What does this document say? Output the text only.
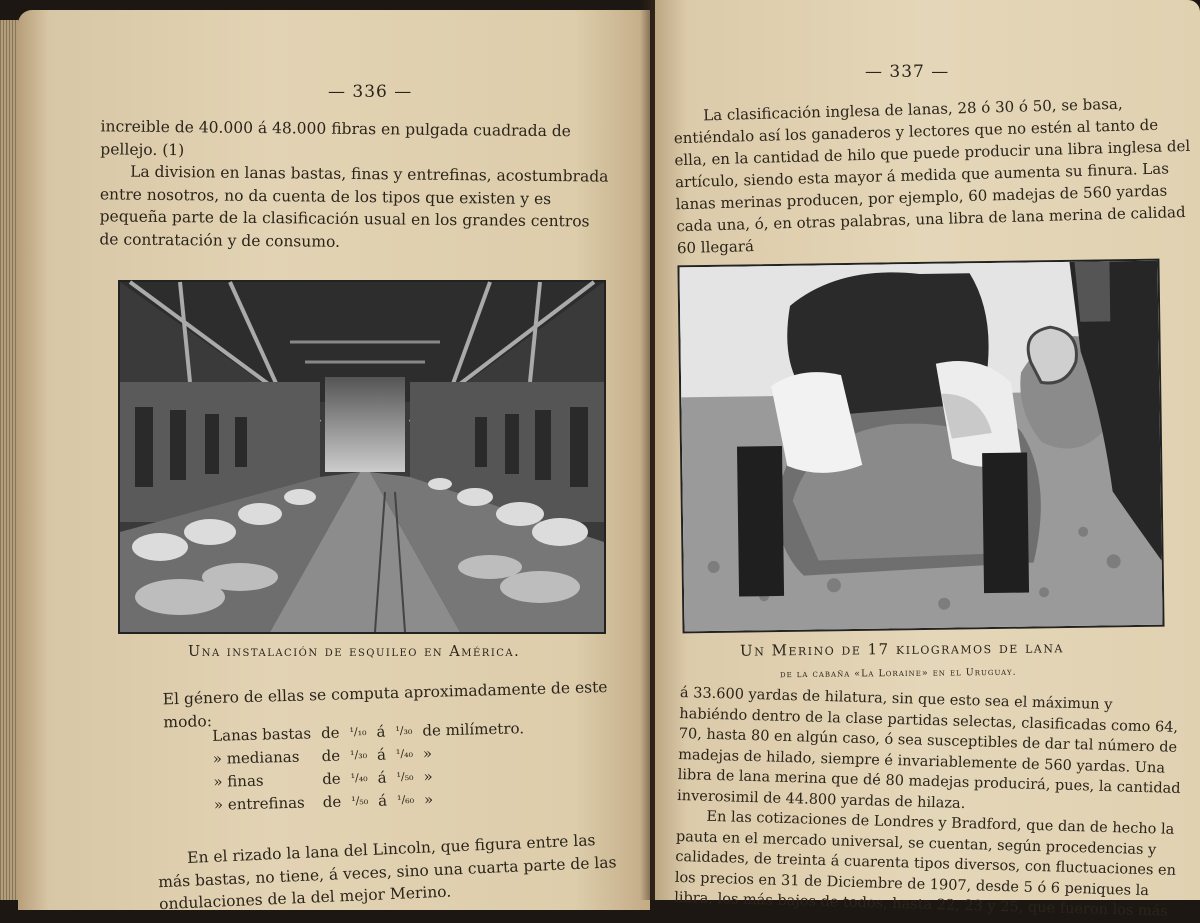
— 336 —

increible de 40.000 á 48.000 fibras en pulgada cuadrada de pellejo. (1)

La division en lanas bastas, finas y entrefinas, acostumbrada entre nosotros, no da cuenta de los tipos que existen y es pequeña parte de la clasificación usual en los grandes centros de contratación y de consumo.

Una instalación de esquileo en América.

El género de ellas se computa aproximadamente de este modo:

Lanas bastas	de	¹/₁₀	á	¹/₃₀	de milímetro.
» medianas	de	¹/₃₀	á	¹/₄₀	»
» finas	de	¹/₄₀	á	¹/₅₀	»
» entrefinas	de	¹/₅₀	á	¹/₆₀	»

En el rizado la lana del Lincoln, que figura entre las más bastas, no tiene, á veces, sino una cuarta parte de las ondulaciones de la del mejor Merino.

— 337 —

La clasificación inglesa de lanas, 28 ó 30 ó 50, se basa, entiéndalo así los ganaderos y lectores que no estén al tanto de ella, en la cantidad de hilo que puede producir una libra inglesa del artículo, siendo esta mayor á medida que aumenta su finura. Las lanas merinas producen, por ejemplo, 60 madejas de 560 yardas cada una, ó, en otras palabras, una libra de lana merina de calidad 60 llegará

Un Merino de 17 kilogramos de lana
de la cabaña «La Loraine» en el Uruguay.

á 33.600 yardas de hilatura, sin que esto sea el máximun y habiéndo dentro de la clase partidas selectas, clasificadas como 64, 70, hasta 80 en algún caso, ó sea susceptibles de dar tal número de madejas de hilado, siempre é invariablemente de 560 yardas. Una libra de lana merina que dé 80 madejas producirá, pues, la cantidad inverosimil de 44.800 yardas de hilaza.

En las cotizaciones de Londres y Bradford, que dan de hecho la pauta en el mercado universal, se cuentan, según procedencias y calidades, de treinta á cuarenta tipos diversos, con fluctuaciones en los precios en 31 de Diciembre de 1907, desde 5 ó 6 peniques la libra, los más bajos de todos, hasta 22, 23 y 25, que fueron los más
